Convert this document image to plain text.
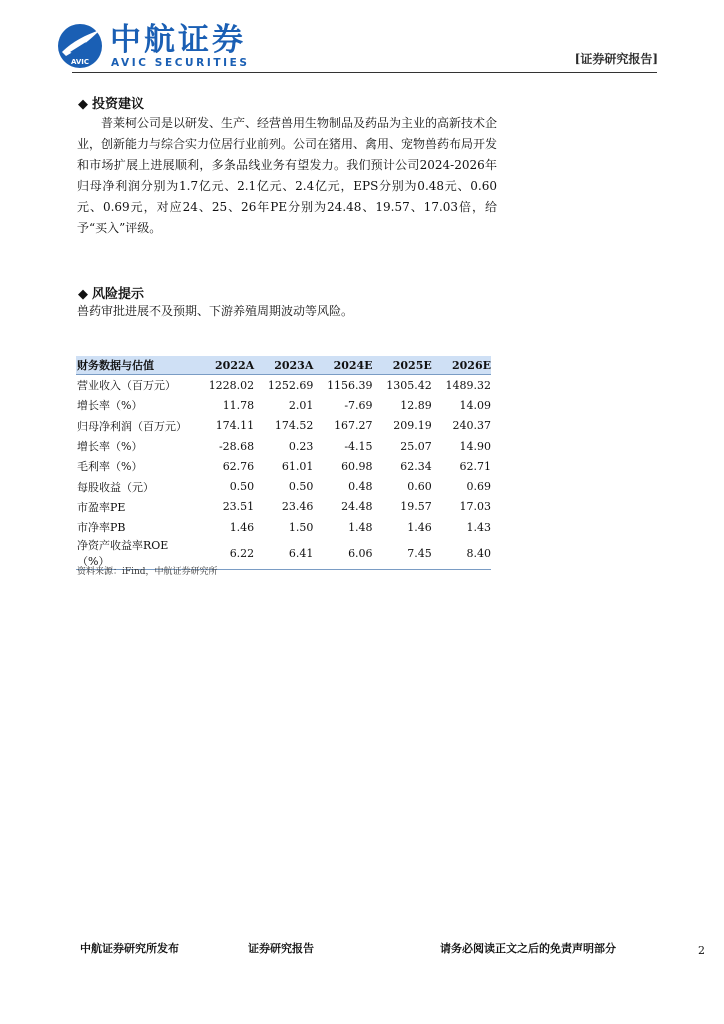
AVIC
中航证券
AVIC SECURITIES	[证券研究报告]
◆ 投资建议
普莱柯公司是以研发、生产、经营兽用生物制品及药品为主业的高新技术企业，创新能力与综合实力位居行业前列。公司在猪用、禽用、宠物兽药布局开发和市场扩展上进展顺利，多条品线业务有望发力。我们预计公司2024-2026年归母净利润分别为1.7亿元、2.1亿元、2.4亿元，EPS分别为0.48元、0.60元、0.69元，对应24、25、26年PE分别为24.48、19.57、17.03倍，给予“买入”评级。
◆ 风险提示
兽药审批进展不及预期、下游养殖周期波动等风险。
财务数据与估值	2022A	2023A	2024E	2025E	2026E
营业收入（百万元）	1228.02	1252.69	1156.39	1305.42	1489.32
增长率（%）	11.78	2.01	-7.69	12.89	14.09
归母净利润（百万元）	174.11	174.52	167.27	209.19	240.37
增长率（%）	-28.68	0.23	-4.15	25.07	14.90
毛利率（%）	62.76	61.01	60.98	62.34	62.71
每股收益（元）	0.50	0.50	0.48	0.60	0.69
市盈率PE	23.51	23.46	24.48	19.57	17.03
市净率PB	1.46	1.50	1.48	1.46	1.43
净资产收益率ROE（%）	6.22	6.41	6.06	7.45	8.40
资料来源：iFind，中航证券研究所
中航证券研究所发布	证券研究报告	请务必阅读正文之后的免责声明部分	2
